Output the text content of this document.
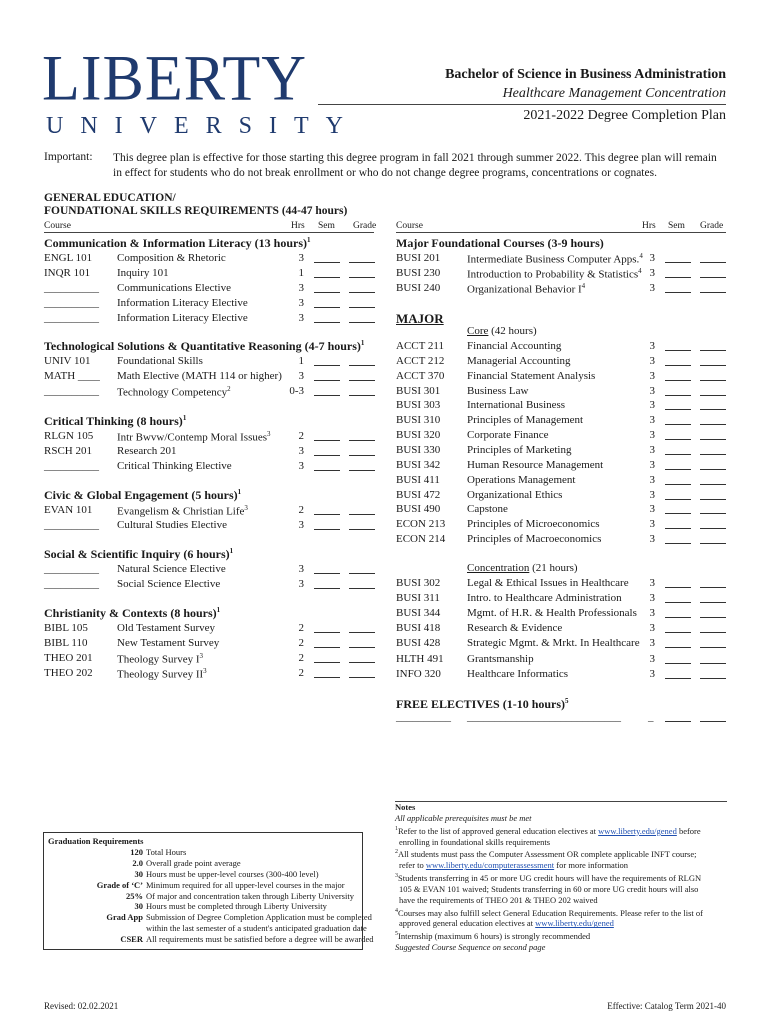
LIBERTY
UNIVERSITY
Bachelor of Science in Business Administration
Healthcare Management Concentration
2021-2022 Degree Completion Plan
Important: This degree plan is effective for those starting this degree program in fall 2021 through summer 2022. This degree plan will remain in effect for students who do not break enrollment or who do not change degree programs, concentrations or cognates.
GENERAL EDUCATION/
FOUNDATIONAL SKILLS REQUIREMENTS (44-47 hours)
Course	Hrs Sem Grade Course	Hrs Sem Grade
Communication & Information Literacy (13 hours)$^1$
ENGL 101 Composition & Rhetoric	3
INQR 101 Inquiry 101	1
__________ Communications Elective	3
__________ Information Literacy Elective	3
__________ Information Literacy Elective	3
Technological Solutions & Quantitative Reasoning (4-7 hours)$^1$
UNIV 101 Foundational Skills	1
MATH ____ Math Elective (MATH 114 or higher)	3
__________ Technology Competency$^2$	0-3
Critical Thinking (8 hours)$^1$
RLGN 105 Intr Bwvw/Contemp Moral Issues$^3$	2
RSCH 201 Research 201	3
__________ Critical Thinking Elective	3
Civic & Global Engagement (5 hours)$^1$
EVAN 101 Evangelism & Christian Life$^3$	2
__________ Cultural Studies Elective	3
Social & Scientific Inquiry (6 hours)$^1$
__________ Natural Science Elective	3
__________ Social Science Elective	3
Christianity & Contexts (8 hours)$^1$
BIBL 105	Old Testament Survey	2
BIBL 110	New Testament Survey	2
THEO 201 Theology Survey $I^3$	2
THEO 202 Theology Survey $II^3$	2
Major Foundational Courses (3-9 hours)
BUSI 201 Intermediate Business Computer Apps.$^4$ 3
BUSI 230 Introduction to Probability & Statistics$^4$ 3
BUSI 240 Organizational Behavior $I^4$	3
Core (42 hours)
ACCT 211 Financial Accounting	3
ACCT 212 Managerial Accounting	3
ACCT 370 Financial Statement Analysis	3
BUSI 301 Business Law	3
BUSI 303 International Business	3
BUSI 310 Principles of Management	3
BUSI 320 Corporate Finance	3
BUSI 330 Principles of Marketing	3
BUSI 342 Human Resource Management	3
BUSI 411 Operations Management	3
BUSI 472 Organizational Ethics	3
BUSI 490 Capstone	3
ECON 213 Principles of Microeconomics	3
ECON 214 Principles of Macroeconomics	3
Concentration (21 hours)
BUSI 302 Legal & Ethical Issues in Healthcare	3
BUSI 311 Intro. to Healthcare Administration	3
BUSI 344 Mgmt. of H.R. & Health Professionals	3
BUSI 418 Research & Evidence	3
BUSI 428 Strategic Mgmt. & Mrkt. In Healthcare 3
HLTH 491 Grantsmanship	3
INFO 320 Healthcare Informatics	3
MAJOR
FREE ELECTIVES (1-10 hours)$^5$
__________ ____________________________ _
Notes
All applicable prerequisites must be met
$^1$Refer to the list of approved general education electives at www.liberty.edu/gened before
enrolling in foundational skills requirements
$^2$All students must pass the Computer Assessment OR complete applicable INFT course;
refer to www.liberty.edu/computerassessment for more information
$^3$Students transferring in 45 or more UG credit hours will have the requirements of RLGN
105 & EVAN 101 waived; Students transferring in 60 or more UG credit hours will also
have the requirements of THEO 201 & THEO 202 waived
$^4$Courses may also fulfill select General Education Requirements. Please refer to the list of
approved general education electives at www.liberty.edu/gened
$^5$Internship (maximum 6 hours) is strongly recommended
Suggested Course Sequence on second page
Graduation Requirements
120 Total Hours
2.0 Overall grade point average
30 Hours must be upper-level courses (300-400 level)
Grade of ‘C’ Minimum required for all upper-level courses in the major
25% Of major and concentration taken through Liberty University
30 Hours must be completed through Liberty University
Grad App Submission of Degree Completion Application must be completed
within the last semester of a student's anticipated graduation date
CSER All requirements must be satisfied before a degree will be awarded
Revised: 02.02.2021	Effective: Catalog Term 2021-40
